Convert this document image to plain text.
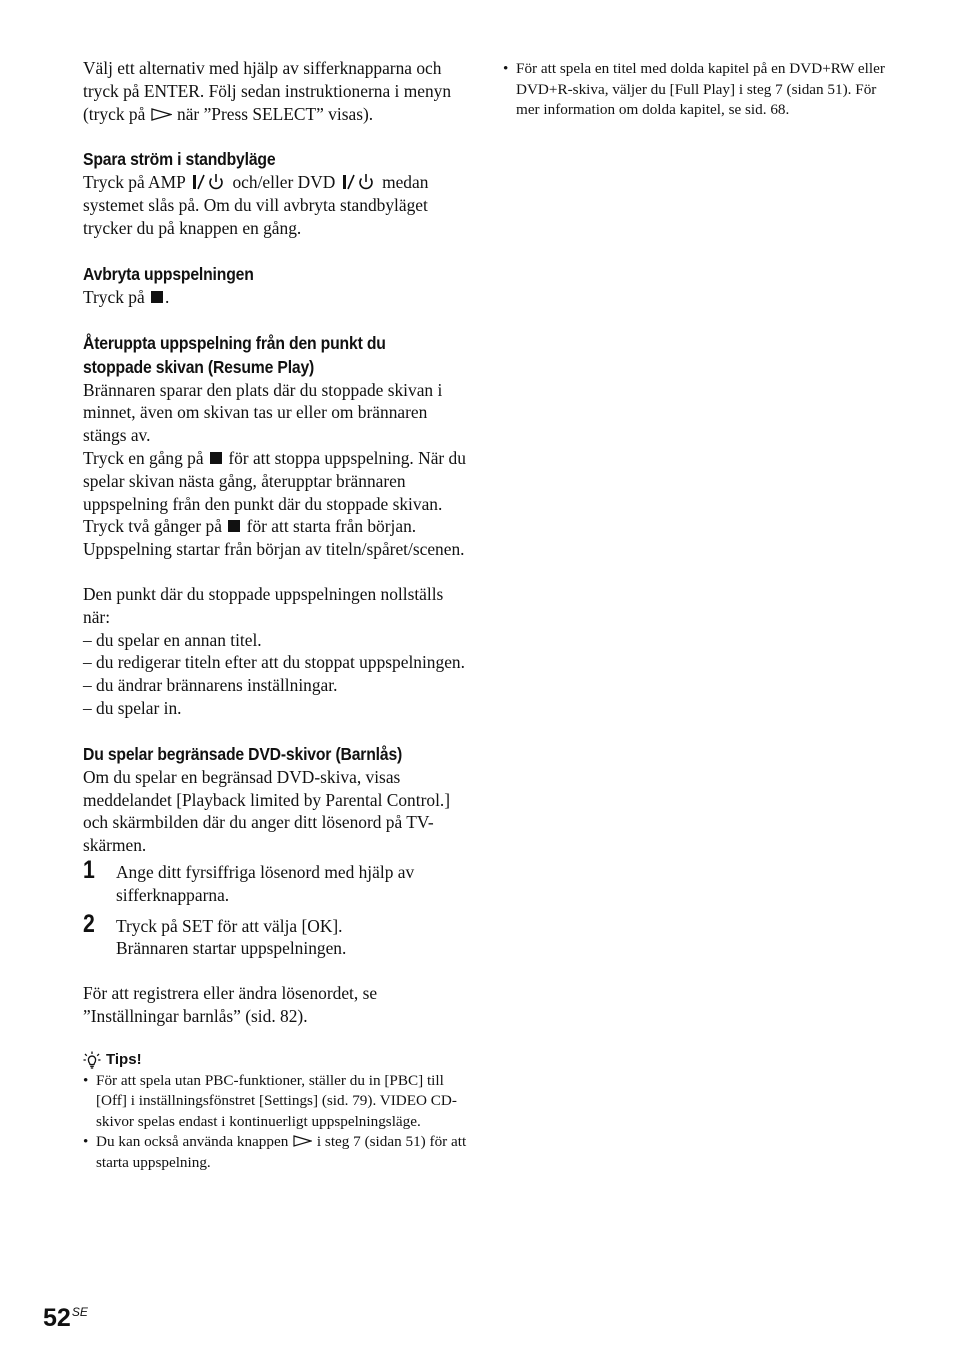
Välj ett alternativ med hjälp av sifferknapparna och tryck på ENTER. Följ sedan instruktionerna i menyn (tryck på när ”Press SELECT” visas).

Spara ström i standbyläge

Tryck på AMP	och/eller DVD	medan systemet slås på. Om du vill avbryta standbyläget trycker du på knappen en gång.

Avbryta uppspelningen

Tryck på .

Återuppta uppspelning från den punkt du stoppade skivan (Resume Play)

Brännaren sparar den plats där du stoppade skivan i minnet, även om skivan tas ur eller om brännaren stängs av.

Tryck en gång på för att stoppa uppspelning. När du spelar skivan nästa gång, återupptar brännaren uppspelning från den punkt där du stoppade skivan.

Tryck två gånger på för att starta från början. Uppspelning startar från början av titeln/spåret/scenen.

Den punkt där du stoppade uppspelningen nollställs när:

– du spelar en annan titel.
– du redigerar titeln efter att du stoppat uppspelningen.
– du ändrar brännarens inställningar.
– du spelar in.
Du spelar begränsade DVD-skivor (Barnlås)

Om du spelar en begränsad DVD-skiva, visas meddelandet [Playback limited by Parental Control.] och skärmbilden där du anger ditt lösenord på TV-skärmen.

1 Ange ditt fyrsiffriga lösenord med hjälp av sifferknapparna.

2 Tryck på SET för att välja [OK].

Brännaren startar uppspelningen.

För att registrera eller ändra lösenordet, se ”Inställningar barnlås” (sid. 82).

Tips!
• För att spela utan PBC-funktioner, ställer du in [PBC] till [Off] i inställningsfönstret [Settings] (sid. 79). VIDEO CD-skivor spelas endast i kontinuerligt uppspelningsläge.
• Du kan också använda knappen i steg 7 (sidan 51) för att starta uppspelning.
• För att spela en titel med dolda kapitel på en DVD+RW eller DVD+R-skiva, väljer du [Full Play] i steg 7 (sidan 51). För mer information om dolda kapitel, se sid. 68.
$52^{SE}$
